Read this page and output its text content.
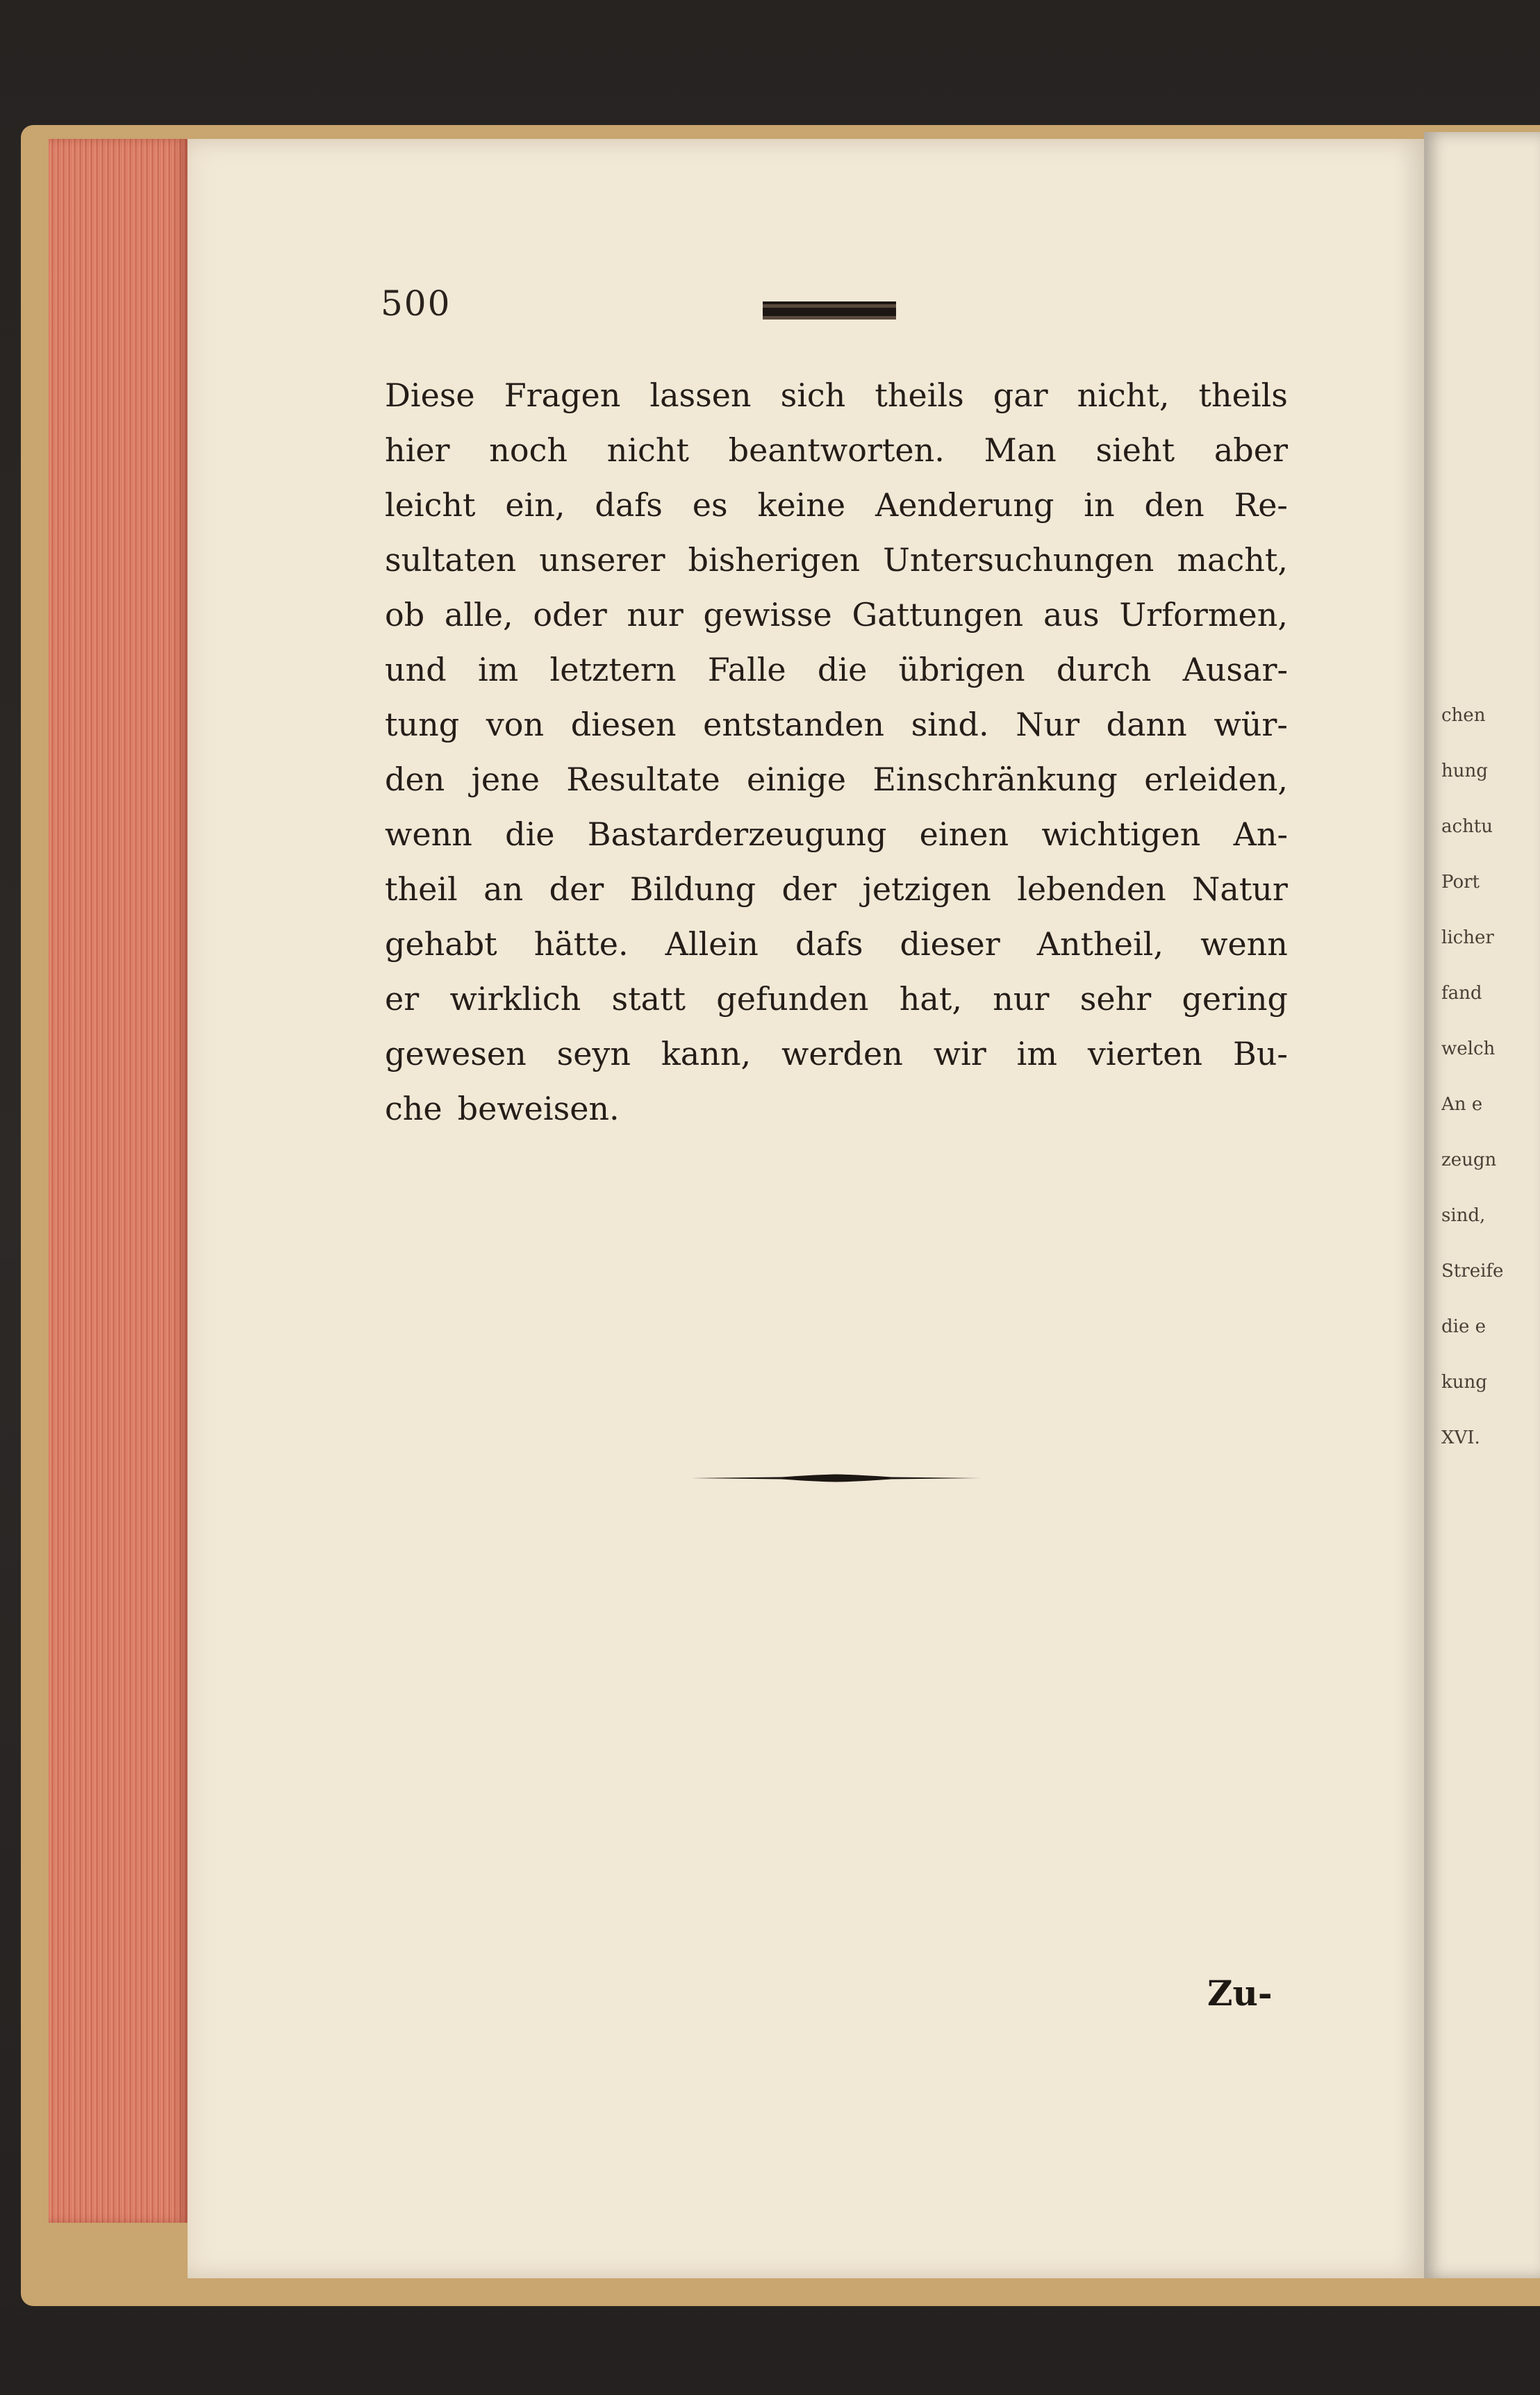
chen
hung
achtu
Port
licher
fand
welch
An e
zeugn
sind,
Streife
die e
kung
XVI.
500
Diese Fragen lassen sich theils gar nicht, theils
hier noch nicht beantworten. Man sieht aber
leicht ein, dafs es keine Aenderung in den Re-
sultaten unserer bisherigen Untersuchungen macht,
ob alle, oder nur gewisse Gattungen aus Urformen,
und im letztern Falle die übrigen durch Ausar-
tung von diesen entstanden sind. Nur dann wür-
den jene Resultate einige Einschränkung erleiden,
wenn die Bastarderzeugung einen wichtigen An-
theil an der Bildung der jetzigen lebenden Natur
gehabt hätte. Allein dafs dieser Antheil, wenn
er wirklich statt gefunden hat, nur sehr gering
gewesen seyn kann, werden wir im vierten Bu-
che beweisen.
Zu-
